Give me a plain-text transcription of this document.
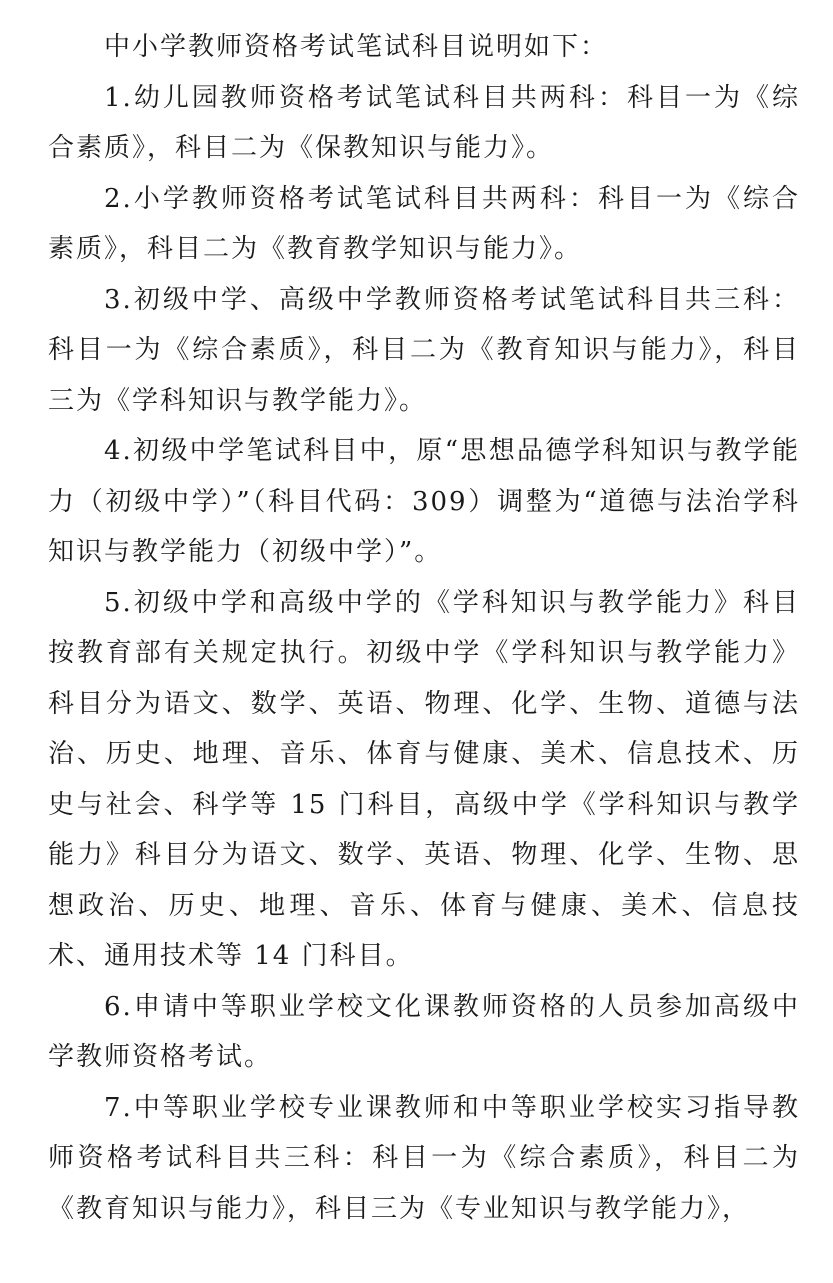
中小学教师资格考试笔试科目说明如下：

1.幼儿园教师资格考试笔试科目共两科：科目一为《综合素质》，科目二为《保教知识与能力》。

2.小学教师资格考试笔试科目共两科：科目一为《综合素质》，科目二为《教育教学知识与能力》。

3.初级中学、高级中学教师资格考试笔试科目共三科：科目一为《综合素质》，科目二为《教育知识与能力》，科目三为《学科知识与教学能力》。

4.初级中学笔试科目中，原“思想品德学科知识与教学能力（初级中学）”（科目代码：309）调整为“道德与法治学科知识与教学能力（初级中学）”。

5.初级中学和高级中学的《学科知识与教学能力》科目按教育部有关规定执行。初级中学《学科知识与教学能力》科目分为语文、数学、英语、物理、化学、生物、道德与法治、历史、地理、音乐、体育与健康、美术、信息技术、历史与社会、科学等 15 门科目，高级中学《学科知识与教学能力》科目分为语文、数学、英语、物理、化学、生物、思想政治、历史、地理、音乐、体育与健康、美术、信息技术、通用技术等 14 门科目。

6.申请中等职业学校文化课教师资格的人员参加高级中学教师资格考试。

7.中等职业学校专业课教师和中等职业学校实习指导教师资格考试科目共三科：科目一为《综合素质》，科目二为《教育知识与能力》，科目三为《专业知识与教学能力》，
